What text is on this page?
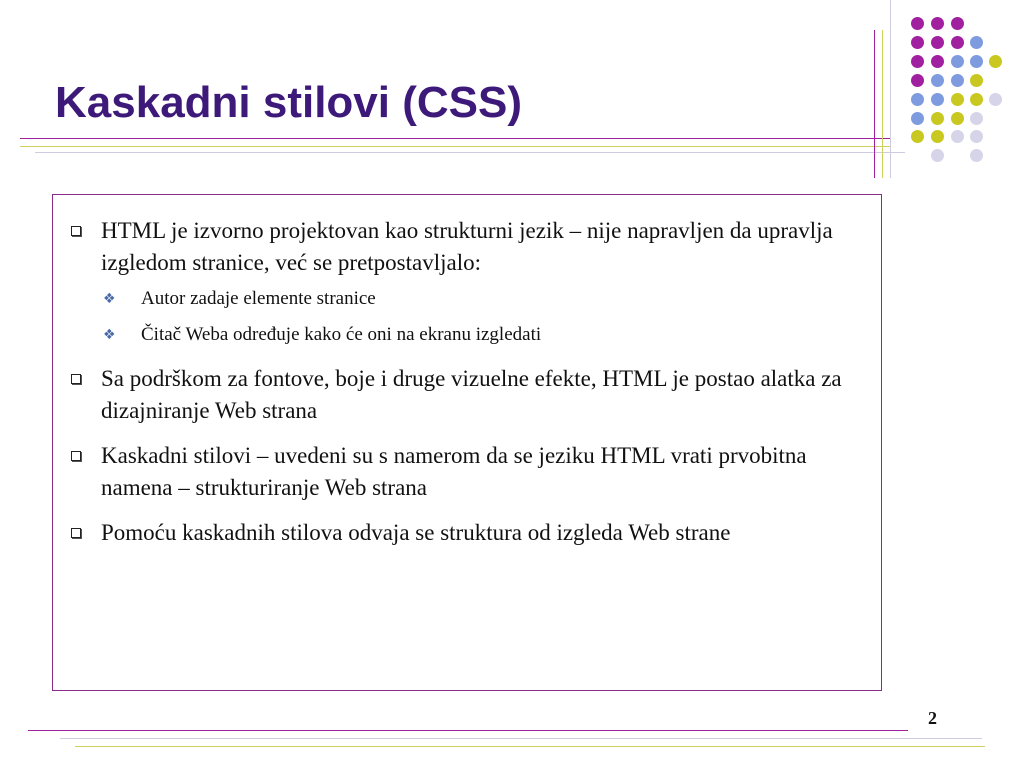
Kaskadni stilovi (CSS)
HTML je izvorno projektovan kao strukturni jezik – nije napravljen da upravlja izgledom stranice, već se pretpostavljalo:
❖ Autor zadaje elemente stranice
❖ Čitač Weba određuje kako će oni na ekranu izgledati
Sa podrškom za fontove, boje i druge vizuelne efekte, HTML je postao alatka za dizajniranje Web strana
Kaskadni stilovi – uvedeni su s namerom da se jeziku HTML vrati prvobitna namena – strukturiranje Web strana
Pomoću kaskadnih stilova odvaja se struktura od izgleda Web strane
2
